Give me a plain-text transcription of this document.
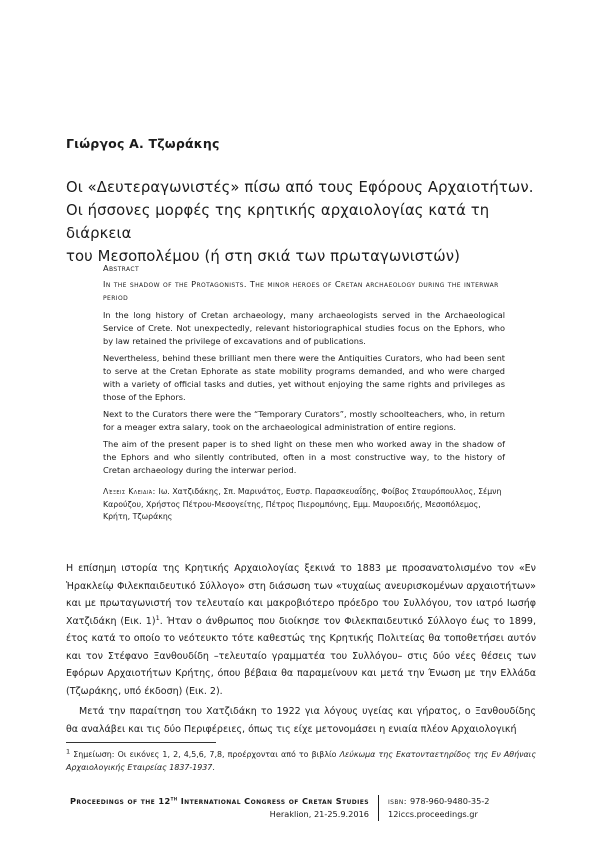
Γιώργος Α. Τζωράκης
Οι «Δευτεραγωνιστές» πίσω από τους Εφόρους Αρχαιοτήτων.
Οι ήσσονες μορφές της κρητικής αρχαιολογίας κατά τη διάρκεια
του Μεσοπολέμου (ή στη σκιά των πρωταγωνιστών)
Abstract
In the shadow of the Protagonists. The minor heroes of Cretan archaeology during the interwar period

In the long history of Cretan archaeology, many archaeologists served in the Archaeological Service of Crete. Not unexpectedly, relevant historiographical studies focus on the Ephors, who by law retained the privilege of excavations and of publications.

Nevertheless, behind these brilliant men there were the Antiquities Curators, who had been sent to serve at the Cretan Ephorate as state mobility programs demanded, and who were charged with a variety of official tasks and duties, yet without enjoying the same rights and privileges as those of the Ephors.

Next to the Curators there were the “Temporary Curators”, mostly schoolteachers, who, in return for a meager extra salary, took on the archaeological administration of entire regions.

The aim of the present paper is to shed light on these men who worked away in the shadow of the Ephors and who silently contributed, often in a most constructive way, to the history of Cretan archaeology during the interwar period.

Λέξεις Κλειδιά: Ιω. Χατζιδάκης, Σπ. Μαρινάτος, Ευστρ. Παρασκευαΐδης, Φοίβος Σταυρόπουλλος, Σέμνη Καρούζου, Χρήστος Πέτρου-Μεσογείτης, Πέτρος Πιερομπόνης, Εμμ. Μαυροειδής, Μεσοπόλεμος, Κρήτη, Τζωράκης

Η επίσημη ιστορία της Κρητικής Αρχαιολογίας ξεκινά το 1883 με προσανατολισμένο τον «Εν Ἡρακλείῳ Φιλεκπαιδευτικό Σύλλογο» στη διάσωση των «τυχαίως ανευρισκομένων αρχαιοτήτων» και με πρωταγωνιστή τον τελευταίο και μακροβιότερο πρόεδρο του Συλλόγου, τον ιατρό Ιωσήφ Χατζιδάκη (Εικ. 1)$^1$. Ήταν ο άνθρωπος που διοίκησε τον Φιλεκπαιδευτικό Σύλλογο έως το 1899, έτος κατά το οποίο το νεότευκτο τότε καθεστώς της Κρητικής Πολιτείας θα τοποθετήσει αυτόν και τον Στέφανο Ξανθουδίδη –τελευταίο γραμματέα του Συλλόγου– στις δύο νέες θέσεις των Εφόρων Αρχαιοτήτων Κρήτης, όπου βέβαια θα παραμείνουν και μετά την Ένωση με την Ελλάδα (Τζωράκης, υπό έκδοση) (Εικ. 2).

Μετά την παραίτηση του Χατζιδάκη το 1922 για λόγους υγείας και γήρατος, ο Ξανθουδίδης θα αναλάβει και τις δύο Περιφέρειες, όπως τις είχε μετονομάσει η ενιαία πλέον Αρχαιολογική

$^1$ Σημείωση: Οι εικόνες 1, 2, 4,5,6, 7,8, προέρχονται από το βιβλίο Λεύκωμα της Εκατονταετηρίδος της Εν Αθήναις Αρχαιολογικής Εταιρείας 1837-1937.

Proceedings of the 12th International Congress of Cretan Studies
Heraklion, 21-25.9.2016
isbn: 978-960-9480-35-2
12iccs.proceedings.gr
